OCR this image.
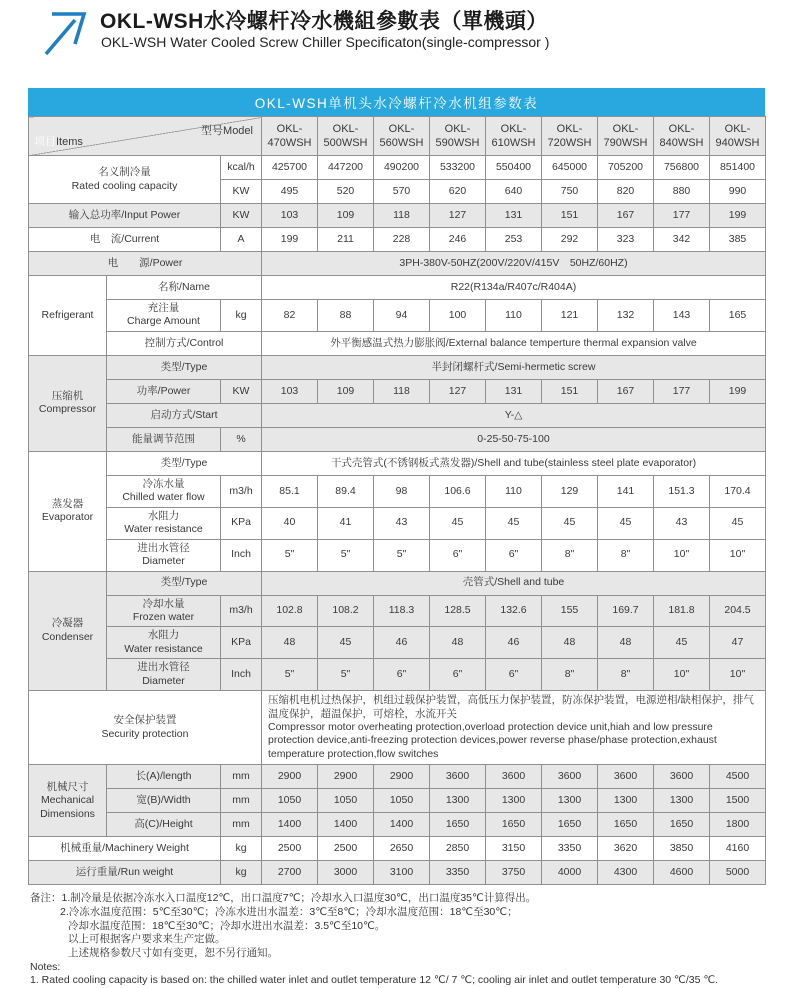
OKL-WSH水冷螺杆冷水機組參數表（單機頭）
OKL-WSH Water Cooled Screw Chiller Specificaton(single-compressor )
OKL-WSH单机头水冷螺杆冷水机组参数表
项目Items
型号Model			OKL-470WSH	OKL-500WSH	OKL-560WSH	OKL-590WSH	OKL-610WSH	OKL-720WSH	OKL-790WSH	OKL-840WSH	OKL-940WSH
名义制冷量
Rated cooling capacity		kcal/h	425700	447200	490200	533200	550400	645000	705200	756800	851400
		KW	495	520	570	620	640	750	820	880	990
输入总功率/Input Power		KW	103	109	118	127	131	151	167	177	199
电　流/Current		A	199	211	228	246	253	292	323	342	385
电　　源/Power			3PH-380V-50HZ(200V/220V/415V　50HZ/60HZ)								
Refrigerant	名称/Name		R22(R134a/R407c/R404A)								
	充注量
Charge Amount	kg	82	88	94	100	110	121	132	143	165
	控制方式/Control		外平衡感温式热力膨胀阀/External balance temperture thermal expansion valve								
压缩机
Compressor	类型/Type		半封闭螺杆式/Semi-hermetic screw								
	功率/Power	KW	103	109	118	127	131	151	167	177	199
	启动方式/Start		Y-△								
	能量调节范围	%	0-25-50-75-100								
蒸发器
Evaporator	类型/Type		干式壳管式(不锈钢板式蒸发器)/Shell and tube(stainless steel plate evaporator)								
	冷冻水量
Chilled water flow	m3/h	85.1	89.4	98	106.6	110	129	141	151.3	170.4
	水阻力
Water resistance	KPa	40	41	43	45	45	45	45	43	45
	进出水管径
Diameter	Inch	5"	5"	5"	6"	6"	8"	8"	10"	10"
冷凝器
Condenser	类型/Type		壳管式/Shell and tube								
	冷却水量
Frozen water	m3/h	102.8	108.2	118.3	128.5	132.6	155	169.7	181.8	204.5
	水阻力
Water resistance	KPa	48	45	46	48	46	48	48	45	47
	进出水管径
Diameter	Inch	5"	5"	6"	6"	6"	8"	8"	10"	10"
安全保护装置
Security protection			压缩机电机过热保护，机组过载保护装置，高低压力保护装置，防冻保护装置，电源逆相/缺相保护，排气温度保护，超温保护，可熔栓，水流开关
Compressor motor overheating protection,overload protection device unit,hiah and low pressure protection device,anti-freezing protection devices,power reverse phase/phase protection,exhaust temperature protection,flow switches								
机械尺寸
Mechanical
Dimensions	长(A)/length	mm	2900	2900	2900	3600	3600	3600	3600	3600	4500
	宽(B)/Width	mm	1050	1050	1050	1300	1300	1300	1300	1300	1500
	高(C)/Height	mm	1400	1400	1400	1650	1650	1650	1650	1650	1800
机械重量/Machinery Weight		kg	2500	2500	2650	2850	3150	3350	3620	3850	4160
运行重量/Run weight		kg	2700	3000	3100	3350	3750	4000	4300	4600	5000
备注：1.制冷量是依据冷冻水入口温度12℃，出口温度7℃；冷却水入口温度30℃，出口温度35℃计算得出。
2.冷冻水温度范围：5℃至30℃；冷冻水进出水温差：3℃至8℃；冷却水温度范围：18℃至30℃；
冷却水温度范围：18℃至30℃；冷却水进出水温差：3.5℃至10℃。
以上可根据客户要求来生产定做。
上述规格参数尺寸如有变更，恕不另行通知。
Notes:
1. Rated cooling capacity is based on: the chilled water inlet and outlet temperature 12 ℃/ 7 ℃; cooling air inlet and outlet temperature 30 ℃/35 ℃.
